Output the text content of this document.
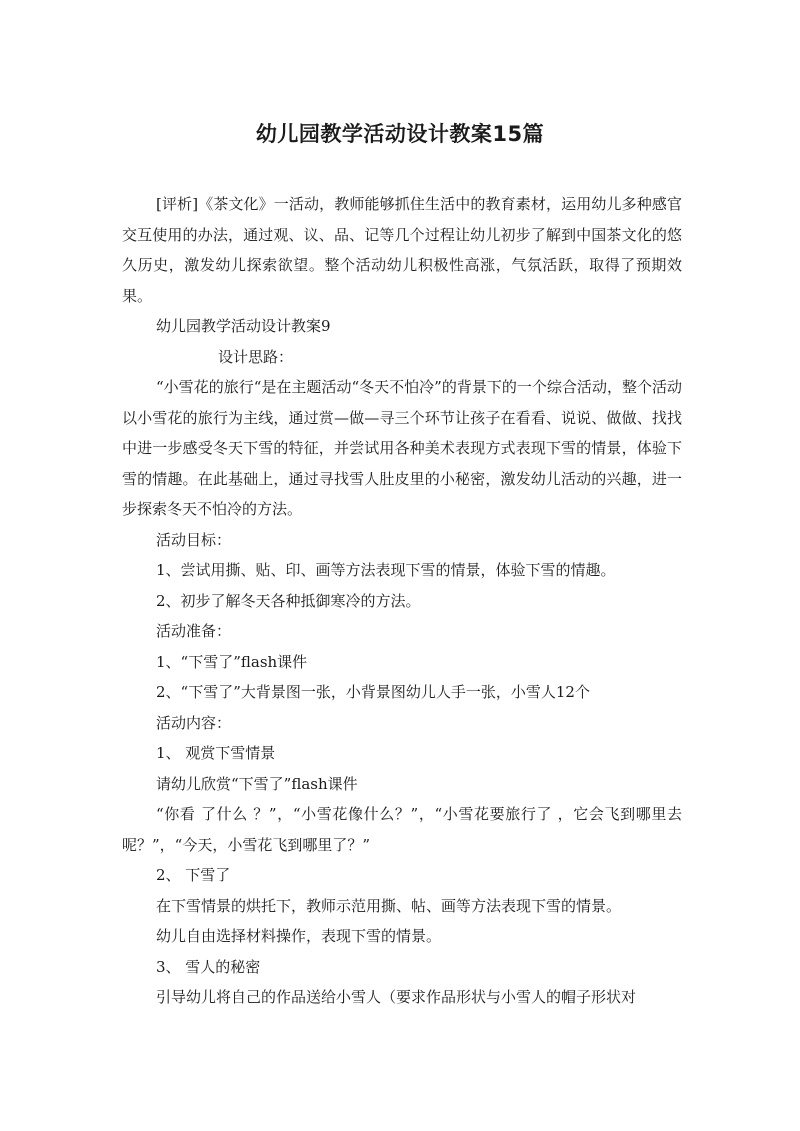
幼儿园教学活动设计教案15篇

[评析]《茶文化》一活动，教师能够抓住生活中的教育素材，运用幼儿多种感官交互使用的办法，通过观、议、品、记等几个过程让幼儿初步了解到中国茶文化的悠久历史，激发幼儿探索欲望。整个活动幼儿积极性高涨，气氛活跃，取得了预期效果。

幼儿园教学活动设计教案9

设计思路：

“小雪花的旅行“是在主题活动“冬天不怕冷”的背景下的一个综合活动，整个活动以小雪花的旅行为主线，通过赏—做—寻三个环节让孩子在看看、说说、做做、找找中进一步感受冬天下雪的特征，并尝试用各种美术表现方式表现下雪的情景，体验下雪的情趣。在此基础上，通过寻找雪人肚皮里的小秘密，激发幼儿活动的兴趣，进一步探索冬天不怕冷的方法。

活动目标：

1、尝试用撕、贴、印、画等方法表现下雪的情景，体验下雪的情趣。

2、初步了解冬天各种抵御寒冷的方法。

活动准备：

1、“下雪了”flash课件

2、“下雪了”大背景图一张，小背景图幼儿人手一张，小雪人12个

活动内容：

1、 观赏下雪情景

请幼儿欣赏“下雪了”flash课件

“你看 了什么 ？”，“小雪花像什么？”，“小雪花要旅行了 ，它会飞到哪里去呢？”，“今天，小雪花飞到哪里了？”

2、 下雪了

在下雪情景的烘托下，教师示范用撕、帖、画等方法表现下雪的情景。

幼儿自由选择材料操作，表现下雪的情景。

3、 雪人的秘密

引导幼儿将自己的作品送给小雪人（要求作品形状与小雪人的帽子形状对
